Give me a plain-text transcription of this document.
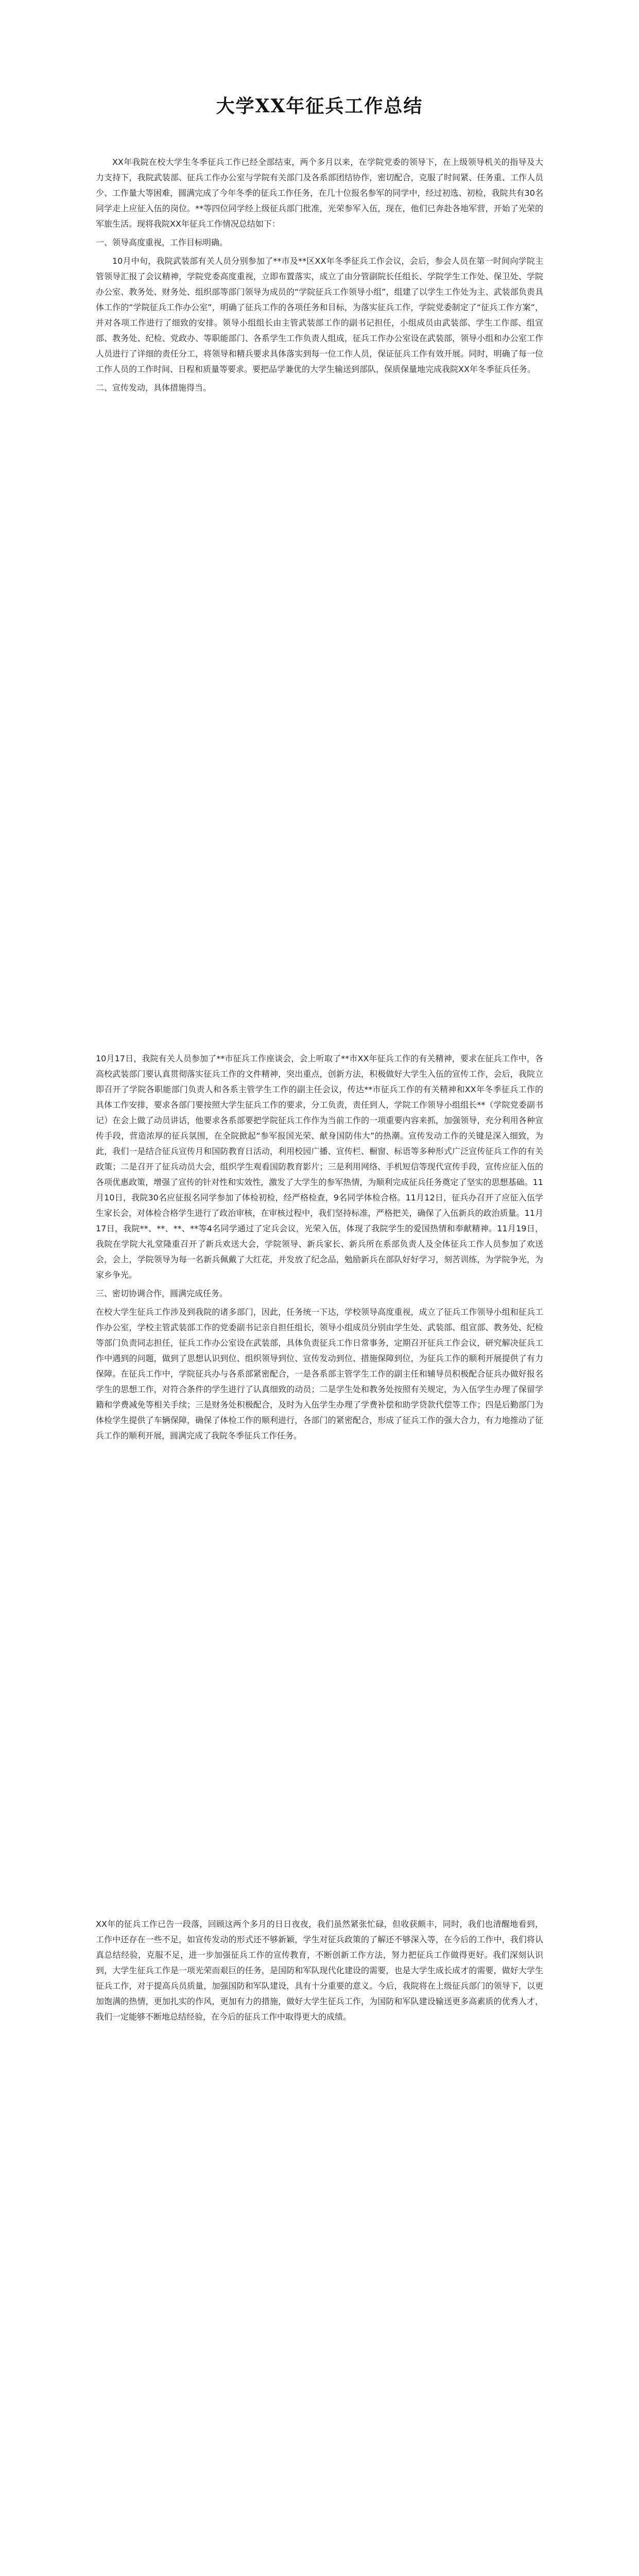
大学XX年征兵工作总结

XX年我院在校大学生冬季征兵工作已经全部结束，两个多月以来，在学院党委的领导下，在上级领导机关的指导及大力支持下，我院武装部、征兵工作办公室与学院有关部门及各系部团结协作，密切配合，克服了时间紧、任务重、工作人员少、工作量大等困难，圆满完成了今年冬季的征兵工作任务，在几十位报名参军的同学中，经过初选、初检，我院共有30名同学走上应征入伍的岗位。**等四位同学经上级征兵部门批准，光荣参军入伍，现在，他们已奔赴各地军营，开始了光荣的军旅生活。现将我院XX年征兵工作情况总结如下：

一、领导高度重视，工作目标明确。

10月中旬，我院武装部有关人员分别参加了**市及**区XX年冬季征兵工作会议，会后，参会人员在第一时间向学院主管领导汇报了会议精神，学院党委高度重视，立即布置落实，成立了由分管副院长任组长、学院学生工作处、保卫处、学院办公室、教务处、财务处、组织部等部门领导为成员的“学院征兵工作领导小组”，组建了以学生工作处为主、武装部负责具体工作的“学院征兵工作办公室”，明确了征兵工作的各项任务和目标，为落实征兵工作，学院党委制定了“征兵工作方案”，并对各项工作进行了细致的安排。领导小组组长由主管武装部工作的副书记担任，小组成员由武装部、学生工作部、组宣部、教务处、纪检、党政办、等职能部门、各系学生工作负责人组成，征兵工作办公室设在武装部，领导小组和办公室工作人员进行了详细的责任分工，将领导和精兵要求具体落实到每一位工作人员，保证征兵工作有效开展。同时，明确了每一位工作人员的工作时间、日程和质量等要求。要把品学兼优的大学生输送到部队，保质保量地完成我院XX年冬季征兵任务。

二、宣传发动，具体措施得当。

10月17日，我院有关人员参加了**市征兵工作座谈会，会上听取了**市XX年征兵工作的有关精神，要求在征兵工作中，各高校武装部门要认真贯彻落实征兵工作的文件精神，突出重点，创新方法，积极做好大学生入伍的宣传工作，会后，我院立即召开了学院各职能部门负责人和各系主管学生工作的副主任会议，传达**市征兵工作的有关精神和XX年冬季征兵工作的具体工作安排，要求各部门要按照大学生征兵工作的要求，分工负责，责任到人，学院工作领导小组组长**（学院党委副书记）在会上做了动员讲话，他要求各系部要把学院征兵工作作为当前工作的一项重要内容来抓，加强领导，充分利用各种宣传手段，营造浓厚的征兵氛围，在全院掀起“参军报国光荣、献身国防伟大”的热潮。宣传发动工作的关键是深入细致，为此，我们一是结合征兵宣传月和国防教育日活动，利用校园广播、宣传栏、橱窗、标语等多种形式广泛宣传征兵工作的有关政策；二是召开了征兵动员大会，组织学生观看国防教育影片；三是利用网络、手机短信等现代宣传手段，宣传应征入伍的各项优惠政策，增强了宣传的针对性和实效性，激发了大学生的参军热情，为顺利完成征兵任务奠定了坚实的思想基础。11月10日，我院30名应征报名同学参加了体检初检，经严格检查，9名同学体检合格。11月12日，征兵办召开了应征入伍学生家长会，对体检合格学生进行了政治审核，在审核过程中，我们坚持标准，严格把关，确保了入伍新兵的政治质量。11月17日，我院**、**、**、**等4名同学通过了定兵会议，光荣入伍，体现了我院学生的爱国热情和奉献精神。11月19日，我院在学院大礼堂隆重召开了新兵欢送大会，学院领导、新兵家长、新兵所在系部负责人及全体征兵工作人员参加了欢送会，会上，学院领导为每一名新兵佩戴了大红花，并发放了纪念品，勉励新兵在部队好好学习，刻苦训练，为学院争光，为家乡争光。

三、密切协调合作，圆满完成任务。

在校大学生征兵工作涉及到我院的诸多部门，因此，任务统一下达，学校领导高度重视，成立了征兵工作领导小组和征兵工作办公室，学校主管武装部工作的党委副书记亲自担任组长，领导小组成员分别由学生处、武装部、组宣部、教务处、纪检等部门负责同志担任，征兵工作办公室设在武装部，具体负责征兵工作日常事务，定期召开征兵工作会议，研究解决征兵工作中遇到的问题，做到了思想认识到位、组织领导到位、宣传发动到位、措施保障到位，为征兵工作的顺利开展提供了有力保障。在征兵工作中，学院征兵办与各系部紧密配合，一是各系部主管学生工作的副主任和辅导员积极配合征兵办做好报名学生的思想工作，对符合条件的学生进行了认真细致的动员；二是学生处和教务处按照有关规定，为入伍学生办理了保留学籍和学费减免等相关手续；三是财务处积极配合，及时为入伍学生办理了学费补偿和助学贷款代偿等工作；四是后勤部门为体检学生提供了车辆保障，确保了体检工作的顺利进行，各部门的紧密配合，形成了征兵工作的强大合力，有力地推动了征兵工作的顺利开展，圆满完成了我院冬季征兵工作任务。

XX年的征兵工作已告一段落，回顾这两个多月的日日夜夜，我们虽然紧张忙碌，但收获颇丰，同时，我们也清醒地看到，工作中还存在一些不足，如宣传发动的形式还不够新颖，学生对征兵政策的了解还不够深入等，在今后的工作中，我们将认真总结经验，克服不足，进一步加强征兵工作的宣传教育，不断创新工作方法，努力把征兵工作做得更好。我们深刻认识到，大学生征兵工作是一项光荣而艰巨的任务，是国防和军队现代化建设的需要，也是大学生成长成才的需要，做好大学生征兵工作，对于提高兵员质量，加强国防和军队建设，具有十分重要的意义。今后，我院将在上级征兵部门的领导下，以更加饱满的热情，更加扎实的作风，更加有力的措施，做好大学生征兵工作，为国防和军队建设输送更多高素质的优秀人才，我们一定能够不断地总结经验，在今后的征兵工作中取得更大的成绩。
